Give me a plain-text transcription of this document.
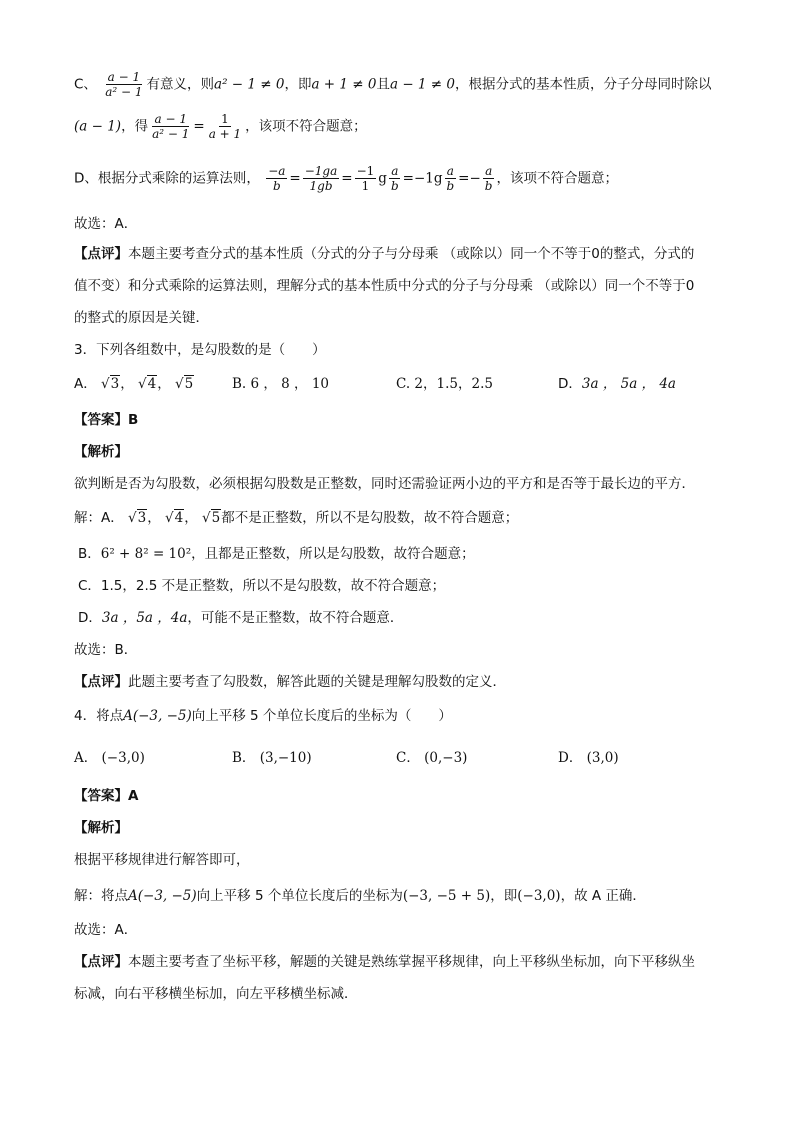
C、 $\frac{a - 1}{\text{a² − 1}}$ 有意义，则a² − 1 ≠ 0，即a + 1 ≠ 0且a − 1 ≠ 0，根据分式的基本性质，分子分母同时除以
(a − 1)，得 $\frac{a - 1}{\text{a² − 1}} = \frac{1}{a + 1}$ ，该项不符合题意；
D、根据分式乘除的运算法则， $\frac{-a}{b} = \frac{-1ga}{1gb} = \frac{-1}{1}$ g $\frac{a}{b} =-1g \frac{a}{b} =- \frac{a}{b}$ ，该项不符合题意；
故选：A．
【点评】本题主要考查分式的基本性质（分式的分子与分母乘 （或除以）同一个不等于0的整式，分式的
值不变）和分式乘除的运算法则，理解分式的基本性质中分式的分子与分母乘 （或除以）同一个不等于0
的整式的原因是关键．
3．下列各组数中，是勾股数的是（　　）
A． √3， √4， √5	B. 6 ， 8 ， 10	C. 2，1.5，2.5	D．3a ， 5a ， 4a
【答案】B
【解析】
欲判断是否为勾股数，必须根据勾股数是正整数，同时还需验证两小边的平方和是否等于最长边的平方．
解：A． √3， √4， √5都不是正整数，所以不是勾股数，故不符合题意；
B．6² + 8² = 10²，且都是正整数，所以是勾股数，故符合题意；
C．1.5，2.5 不是正整数，所以不是勾股数，故不符合题意；
D．3a ，5a ，4a，可能不是正整数，故不符合题意．
故选：B．
【点评】此题主要考查了勾股数，解答此题的关键是理解勾股数的定义．
4．将点A(−3, −5)向上平移 5 个单位长度后的坐标为（　　）
A． (−3,0)	B． (3,−10)	C． (0,−3)	D． (3,0)
【答案】A
【解析】
根据平移规律进行解答即可，
解：将点A(−3, −5)向上平移 5 个单位长度后的坐标为(−3, −5 + 5)，即(−3,0)，故 A 正确．
故选：A．
【点评】本题主要考查了坐标平移，解题的关键是熟练掌握平移规律，向上平移纵坐标加，向下平移纵坐
标减，向右平移横坐标加，向左平移横坐标减．
